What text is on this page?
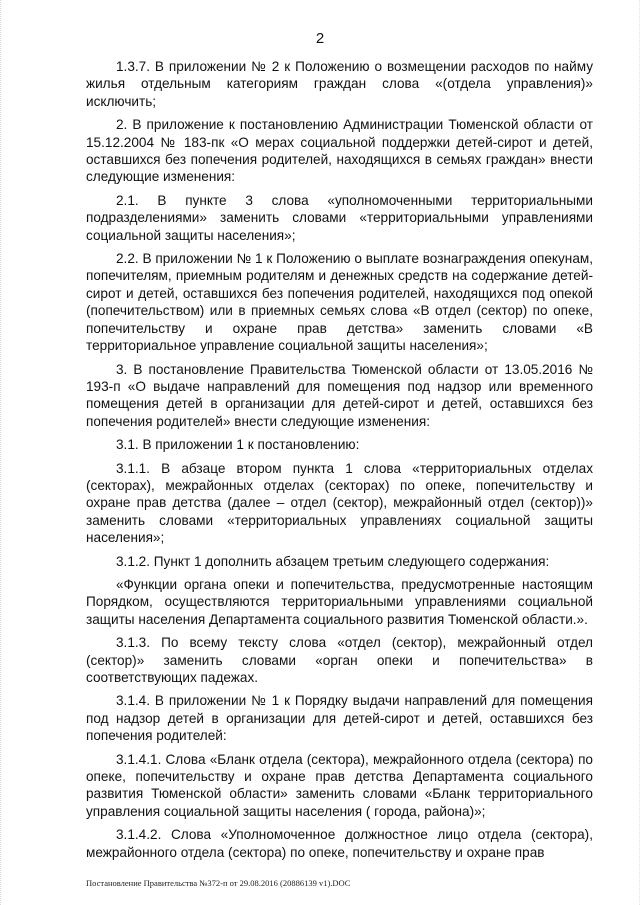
2

1.3.7. В приложении № 2 к Положению о возмещении расходов по найму жилья отдельным категориям граждан слова «(отдела управления)» исключить;

2. В приложение к постановлению Администрации Тюменской области от 15.12.2004 № 183-пк «О мерах социальной поддержки детей-сирот и детей, оставшихся без попечения родителей, находящихся в семьях граждан» внести следующие изменения:

2.1. В пункте 3 слова «уполномоченными территориальными подразделениями» заменить словами «территориальными управлениями социальной защиты населения»;

2.2. В приложении № 1 к Положению о выплате вознаграждения опекунам, попечителям, приемным родителям и денежных средств на содержание детей-сирот и детей, оставшихся без попечения родителей, находящихся под опекой (попечительством) или в приемных семьях слова «В отдел (сектор) по опеке, попечительству и охране прав детства» заменить словами «В территориальное управление социальной защиты населения»;

3. В постановление Правительства Тюменской области от 13.05.2016 № 193-п «О выдаче направлений для помещения под надзор или временного помещения детей в организации для детей-сирот и детей, оставшихся без попечения родителей» внести следующие изменения:

3.1. В приложении 1 к постановлению:

3.1.1. В абзаце втором пункта 1 слова «территориальных отделах (секторах), межрайонных отделах (секторах) по опеке, попечительству и охране прав детства (далее – отдел (сектор), межрайонный отдел (сектор))» заменить словами «территориальных управлениях социальной защиты населения»;

3.1.2. Пункт 1 дополнить абзацем третьим следующего содержания:

«Функции органа опеки и попечительства, предусмотренные настоящим Порядком, осуществляются территориальными управлениями социальной защиты населения Департамента социального развития Тюменской области.».

3.1.3. По всему тексту слова «отдел (сектор), межрайонный отдел (сектор)» заменить словами «орган опеки и попечительства» в соответствующих падежах.

3.1.4. В приложении № 1 к Порядку выдачи направлений для помещения под надзор детей в организации для детей-сирот и детей, оставшихся без попечения родителей:

3.1.4.1. Слова «Бланк отдела (сектора), межрайонного отдела (сектора) по опеке, попечительству и охране прав детства Департамента социального развития Тюменской области» заменить словами «Бланк территориального управления социальной защиты населения ( города, района)»;

3.1.4.2. Слова «Уполномоченное должностное лицо отдела (сектора), межрайонного отдела (сектора) по опеке, попечительству и охране прав

Постановление Правительства №372-п от 29.08.2016 (20886139 v1).DOC
